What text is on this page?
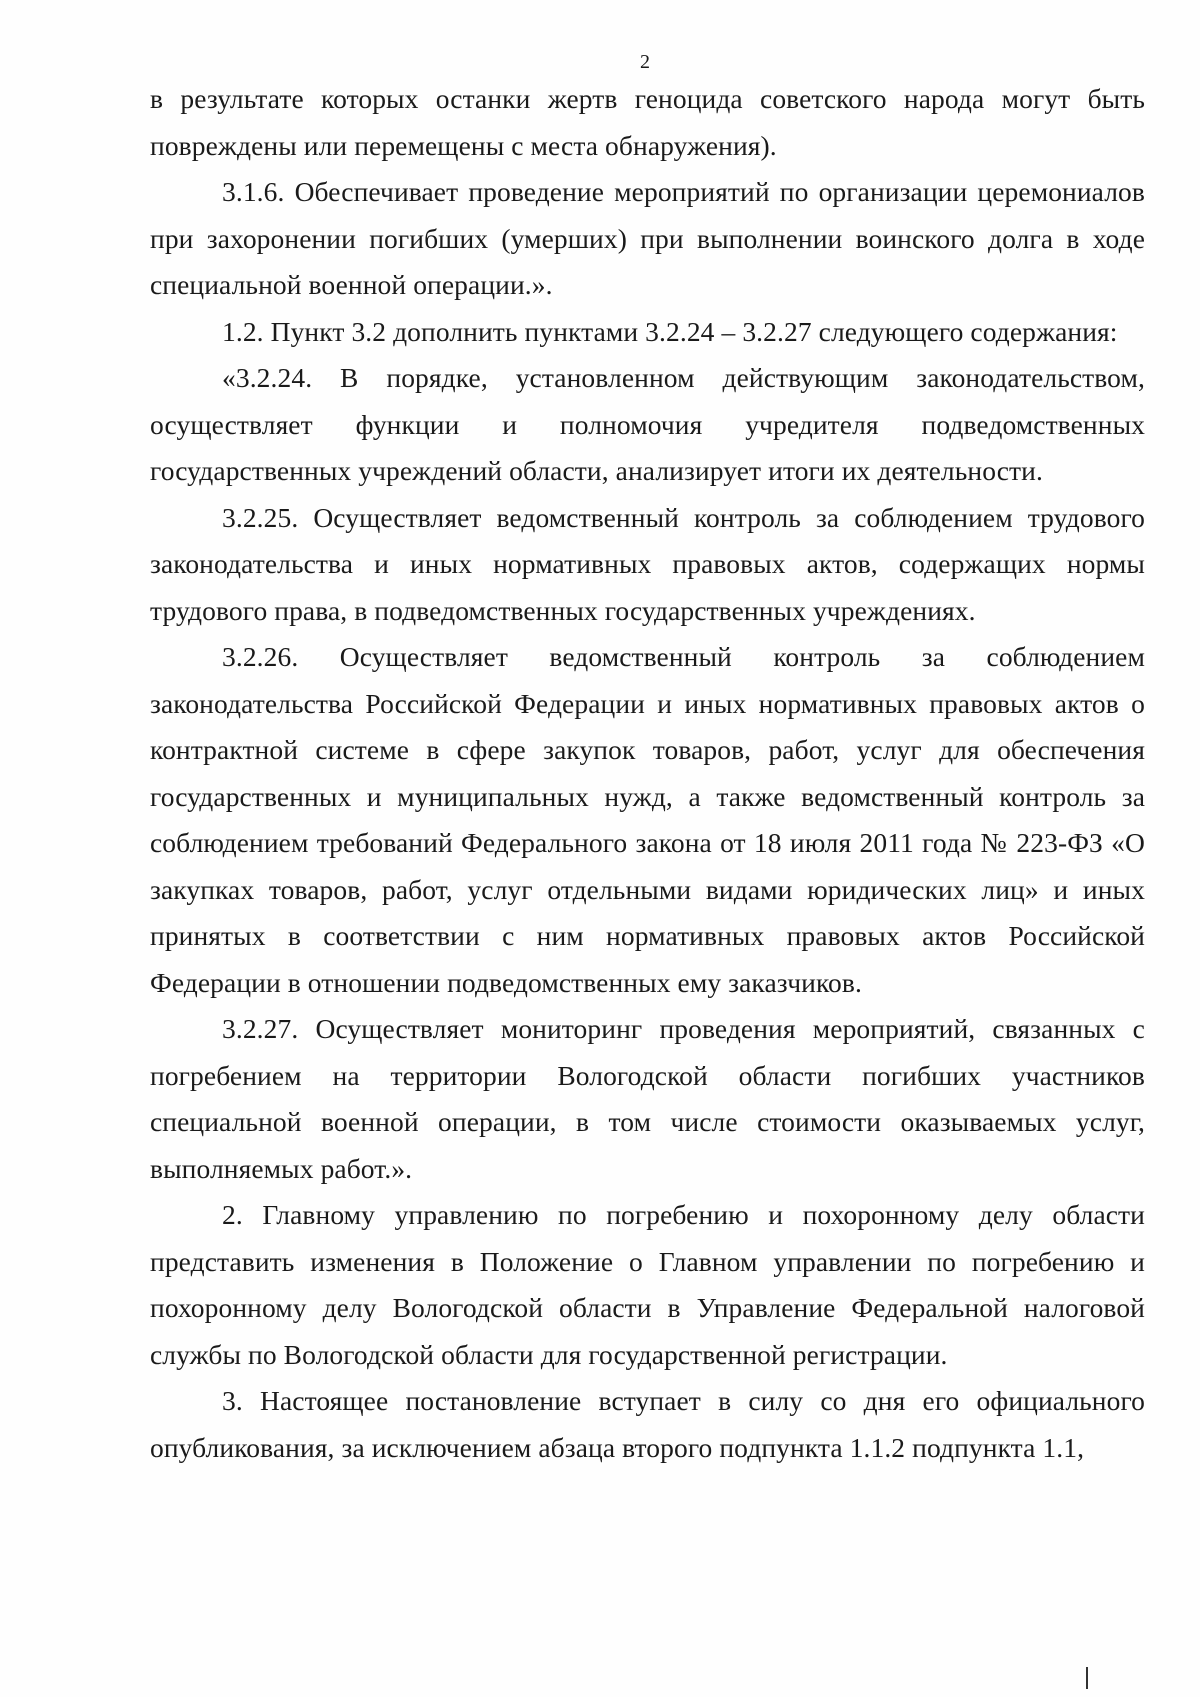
2

в результате которых останки жертв геноцида советского народа могут быть повреждены или перемещены с места обнаружения).

3.1.6. Обеспечивает проведение мероприятий по организации церемониалов при захоронении погибших (умерших) при выполнении воинского долга в ходе специальной военной операции.».

1.2. Пункт 3.2 дополнить пунктами 3.2.24 – 3.2.27 следующего содержания:

«3.2.24. В порядке, установленном действующим законодательством, осуществляет функции и полномочия учредителя подведомственных государственных учреждений области, анализирует итоги их деятельности.

3.2.25. Осуществляет ведомственный контроль за соблюдением трудового законодательства и иных нормативных правовых актов, содержащих нормы трудового права, в подведомственных государственных учреждениях.

3.2.26. Осуществляет ведомственный контроль за соблюдением законодательства Российской Федерации и иных нормативных правовых актов о контрактной системе в сфере закупок товаров, работ, услуг для обеспечения государственных и муниципальных нужд, а также ведомственный контроль за соблюдением требований Федерального закона от 18 июля 2011 года № 223-ФЗ «О закупках товаров, работ, услуг отдельными видами юридических лиц» и иных принятых в соответствии с ним нормативных правовых актов Российской Федерации в отношении подведомственных ему заказчиков.

3.2.27. Осуществляет мониторинг проведения мероприятий, связанных с погребением на территории Вологодской области погибших участников специальной военной операции, в том числе стоимости оказываемых услуг, выполняемых работ.».

2. Главному управлению по погребению и похоронному делу области представить изменения в Положение о Главном управлении по погребению и похоронному делу Вологодской области в Управление Федеральной налоговой службы по Вологодской области для государственной регистрации.

3. Настоящее постановление вступает в силу со дня его официального опубликования, за исключением абзаца второго подпункта 1.1.2 подпункта 1.1,
